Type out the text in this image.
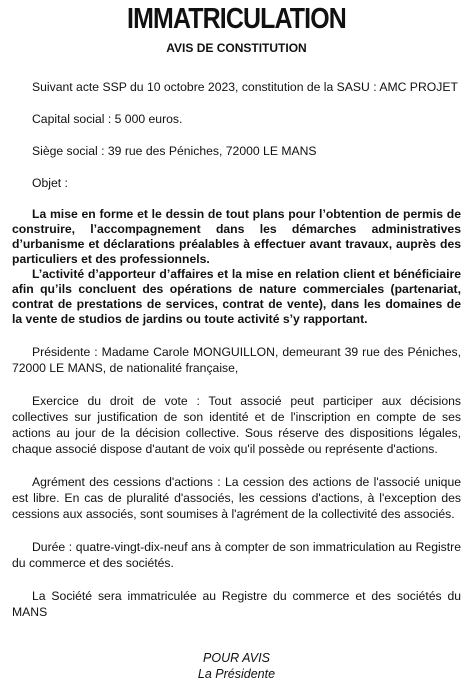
IMMATRICULATION
AVIS DE CONSTITUTION

Suivant acte SSP du 10 octobre 2023, constitution de la SASU : AMC PROJET

Capital social : 5 000 euros.

Siège social : 39 rue des Péniches, 72000 LE MANS

Objet :

La mise en forme et le dessin de tout plans pour l’obtention de permis de construire, l’accompagnement dans les démarches administratives d’urbanisme et déclarations préalables à effectuer avant travaux, auprès des particuliers et des professionnels.

L’activité d’apporteur d’affaires et la mise en relation client et bénéficiaire afin qu’ils concluent des opérations de nature commerciales (partenariat, contrat de prestations de services, contrat de vente), dans les domaines de la vente de studios de jardins ou toute activité s’y rapportant.

Présidente : Madame Carole MONGUILLON, demeurant 39 rue des Péniches, 72000 LE MANS, de nationalité française,

Exercice du droit de vote : Tout associé peut participer aux décisions collectives sur justification de son identité et de l'inscription en compte de ses actions au jour de la décision collective. Sous réserve des dispositions légales, chaque associé dispose d'autant de voix qu'il possède ou représente d'actions.

Agrément des cessions d'actions : La cession des actions de l'associé unique est libre. En cas de pluralité d'associés, les cessions d'actions, à l'exception des cessions aux associés, sont soumises à l'agrément de la collectivité des associés.

Durée : quatre-vingt-dix-neuf ans à compter de son immatriculation au Registre du commerce et des sociétés.

La Société sera immatriculée au Registre du commerce et des sociétés du MANS

POUR AVIS
La Présidente
